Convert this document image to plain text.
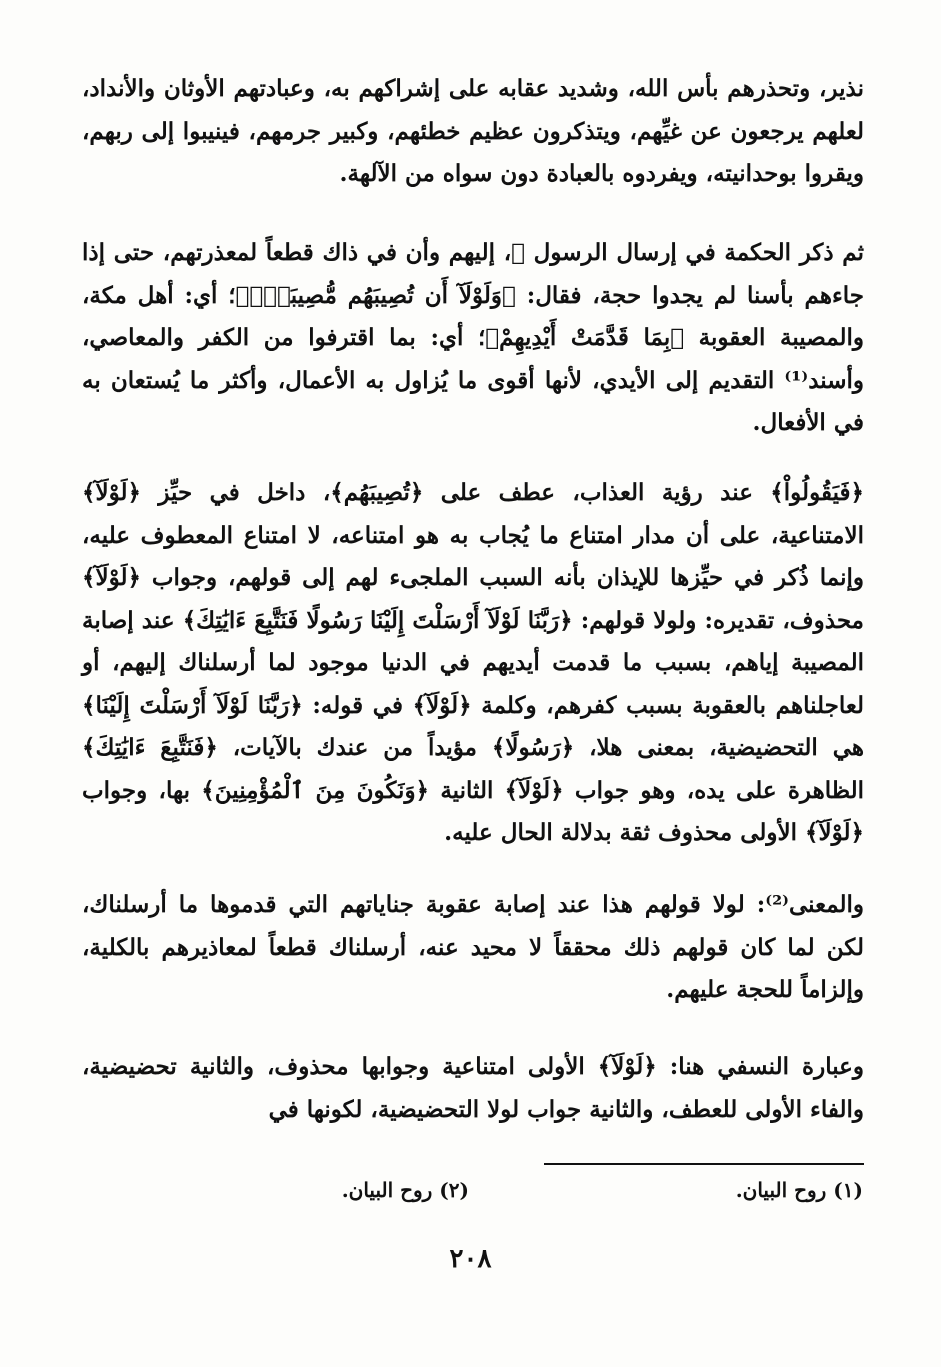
نذير، وتحذرهم بأس الله، وشديد عقابه على إشراكهم به، وعبادتهم الأوثان والأنداد، لعلهم يرجعون عن غيِّهم، ويتذكرون عظيم خطئهم، وكبير جرمهم، فينيبوا إلى ربهم، ويقروا بوحدانيته، ويفردوه بالعبادة دون سواه من الآلهة.

ثم ذكر الحكمة في إرسال الرسول ﷺ، إليهم وأن في ذاك قطعاً لمعذرتهم، حتى إذا جاءهم بأسنا لم يجدوا حجة، فقال: ﴿وَلَوْلَآ أَن تُصِيبَهُم مُّصِيبَةٌۢ﴾؛ أي: أهل مكة، والمصيبة العقوبة ﴿بِمَا قَدَّمَتْ أَيْدِيهِمْ﴾؛ أي: بما اقترفوا من الكفر والمعاصي، وأسند⁽¹⁾ التقديم إلى الأيدي، لأنها أقوى ما يُزاول به الأعمال، وأكثر ما يُستعان به في الأفعال.

﴿فَيَقُولُواْ﴾ عند رؤية العذاب، عطف على ﴿تُصِيبَهُم﴾، داخل في حيِّز ﴿لَوْلَآ﴾ الامتناعية، على أن مدار امتناع ما يُجاب به هو امتناعه، لا امتناع المعطوف عليه، وإنما ذُكر في حيِّزها للإيذان بأنه السبب الملجىء لهم إلى قولهم، وجواب ﴿لَوْلَآ﴾ محذوف، تقديره: ولولا قولهم: ﴿رَبَّنَا لَوْلَآ أَرْسَلْتَ إِلَيْنَا رَسُولًا فَنَتَّبِعَ ءَايَٰتِكَ﴾ عند إصابة المصيبة إياهم، بسبب ما قدمت أيديهم في الدنيا موجود لما أرسلناك إليهم، أو لعاجلناهم بالعقوبة بسبب كفرهم، وكلمة ﴿لَوْلَآ﴾ في قوله: ﴿رَبَّنَا لَوْلَآ أَرْسَلْتَ إِلَيْنَا﴾ هي التحضيضية، بمعنى هلا، ﴿رَسُولًا﴾ مؤيداً من عندك بالآيات، ﴿فَنَتَّبِعَ ءَايَٰتِكَ﴾ الظاهرة على يده، وهو جواب ﴿لَوْلَآ﴾ الثانية ﴿وَنَكُونَ مِنَ ٱلْمُؤْمِنِينَ﴾ بها، وجواب ﴿لَوْلَآ﴾ الأولى محذوف ثقة بدلالة الحال عليه.

والمعنى⁽²⁾: لولا قولهم هذا عند إصابة عقوبة جناياتهم التي قدموها ما أرسلناك، لكن لما كان قولهم ذلك محققاً لا محيد عنه، أرسلناك قطعاً لمعاذيرهم بالكلية، وإلزاماً للحجة عليهم.

وعبارة النسفي هنا: ﴿لَوْلَآ﴾ الأولى امتناعية وجوابها محذوف، والثانية تحضيضية، والفاء الأولى للعطف، والثانية جواب لولا التحضيضية، لكونها في

(١) روح البيان.
(٢) روح البيان.
٢٠٨
